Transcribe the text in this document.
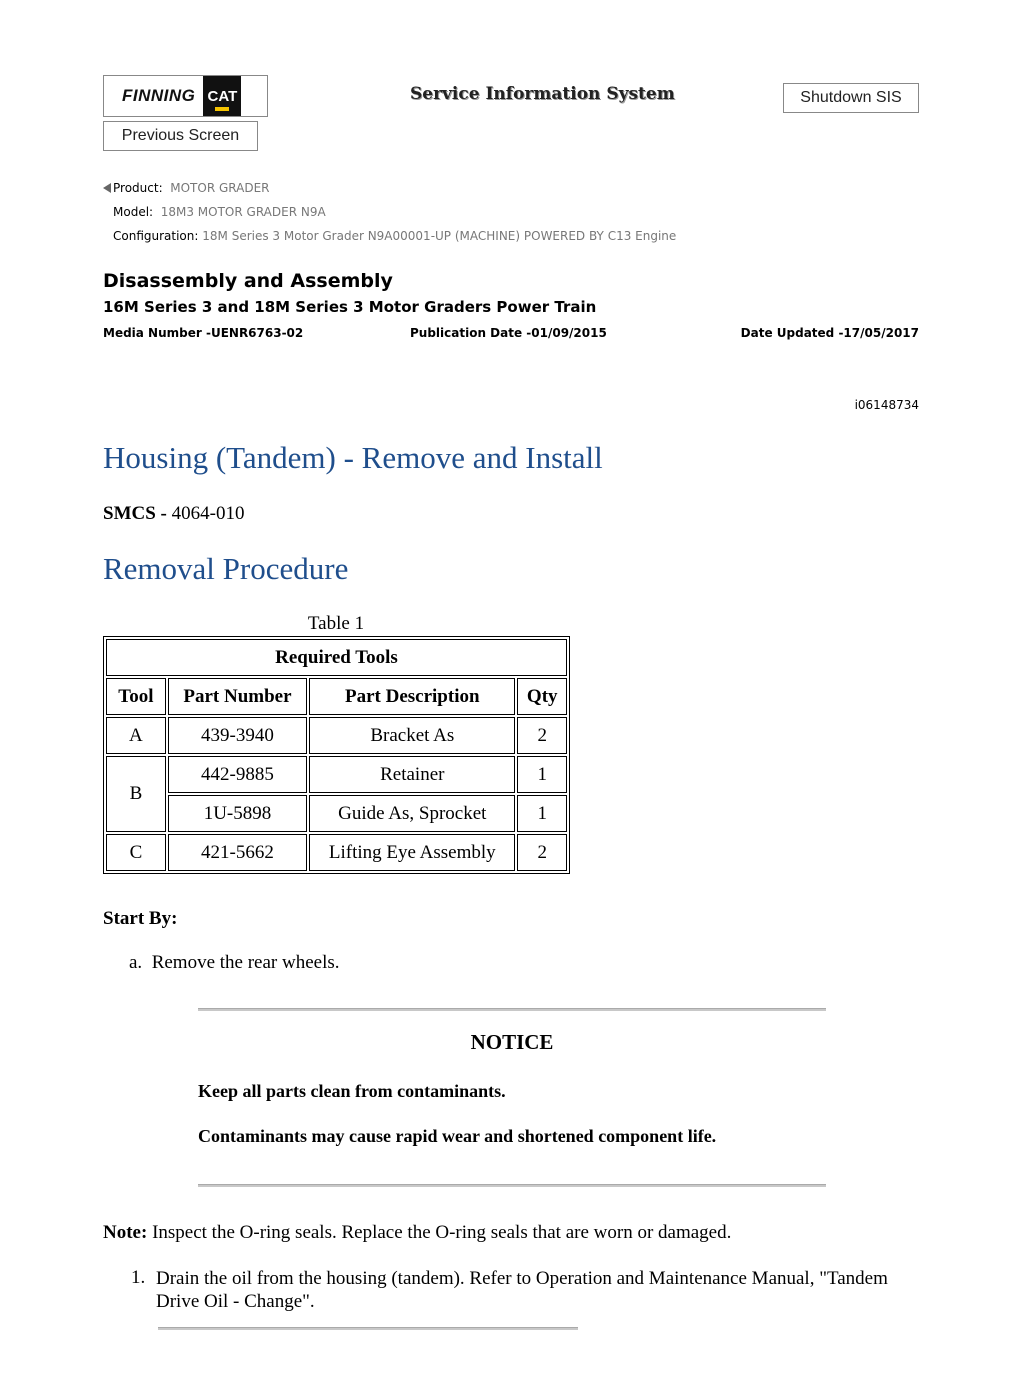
FINNING CAT	Service Information System	Shutdown SIS
Previous Screen
Product: MOTOR GRADER
Model: 18M3 MOTOR GRADER N9A
Configuration: 18M Series 3 Motor Grader N9A00001-UP (MACHINE) POWERED BY C13 Engine
Disassembly and Assembly
16M Series 3 and 18M Series 3 Motor Graders Power Train
Media Number -UENR6763-02	Publication Date -01/09/2015	Date Updated -17/05/2017
i06148734
Housing (Tandem) - Remove and Install
SMCS - 4064-010
Removal Procedure
Table 1
Required Tools			
Tool	Part Number	Part Description	Qty
A	439-3940	Bracket As	2
B	442-9885	Retainer	1
	1U-5898	Guide As, Sprocket	1
C	421-5662	Lifting Eye Assembly	2
Start By:
a. Remove the rear wheels.
NOTICE
Keep all parts clean from contaminants.
Contaminants may cause rapid wear and shortened component life.
Note: Inspect the O-ring seals. Replace the O-ring seals that are worn or damaged.
1. Drain the oil from the housing (tandem). Refer to Operation and Maintenance Manual, "Tandem Drive Oil - Change".
